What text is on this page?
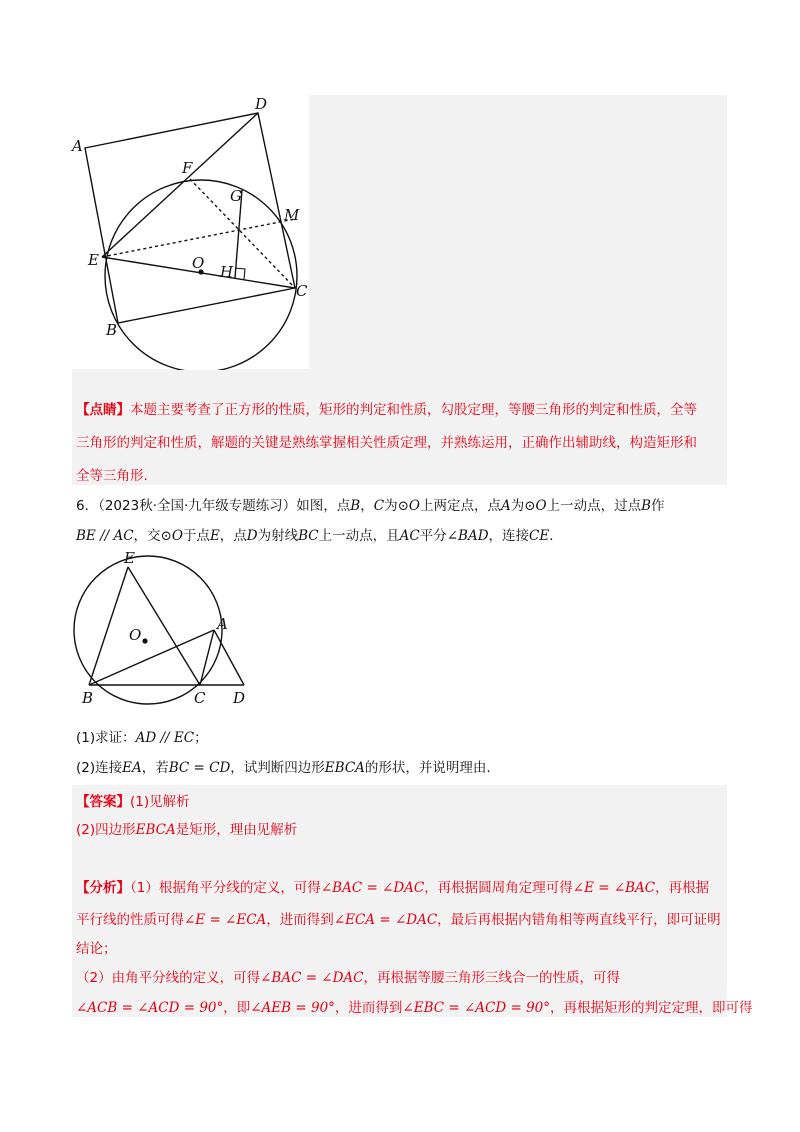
A
D
F
G
M
E	O H
C
B
【点睛】本题主要考查了正方形的性质，矩形的判定和性质，勾股定理，等腰三角形的判定和性质，全等
三角形的判定和性质，解题的关键是熟练掌握相关性质定理，并熟练运用，正确作出辅助线，构造矩形和
全等三角形.
6．（2023秋·全国·九年级专题练习）如图，点B，C为⊙O上两定点，点A为⊙O上一动点，过点B作
BE // AC，交⊙O于点E，点D为射线BC上一动点，且AC平分∠BAD，连接CE.
E
A
O
B	C D
(1)求证：AD // EC；
(2)连接EA，若BC = CD，试判断四边形EBCA的形状，并说明理由.
【答案】(1)见解析
(2)四边形EBCA是矩形，理由见解析
【分析】（1）根据角平分线的定义，可得∠BAC = ∠DAC，再根据圆周角定理可得∠E = ∠BAC，再根据
平行线的性质可得∠E = ∠ECA，进而得到∠ECA = ∠DAC，最后再根据内错角相等两直线平行，即可证明
结论；
（2）由角平分线的定义，可得∠BAC = ∠DAC，再根据等腰三角形三线合一的性质，可得
∠ACB = ∠ACD = 90°，即∠AEB = 90°，进而得到∠EBC = ∠ACD = 90°，再根据矩形的判定定理，即可得
